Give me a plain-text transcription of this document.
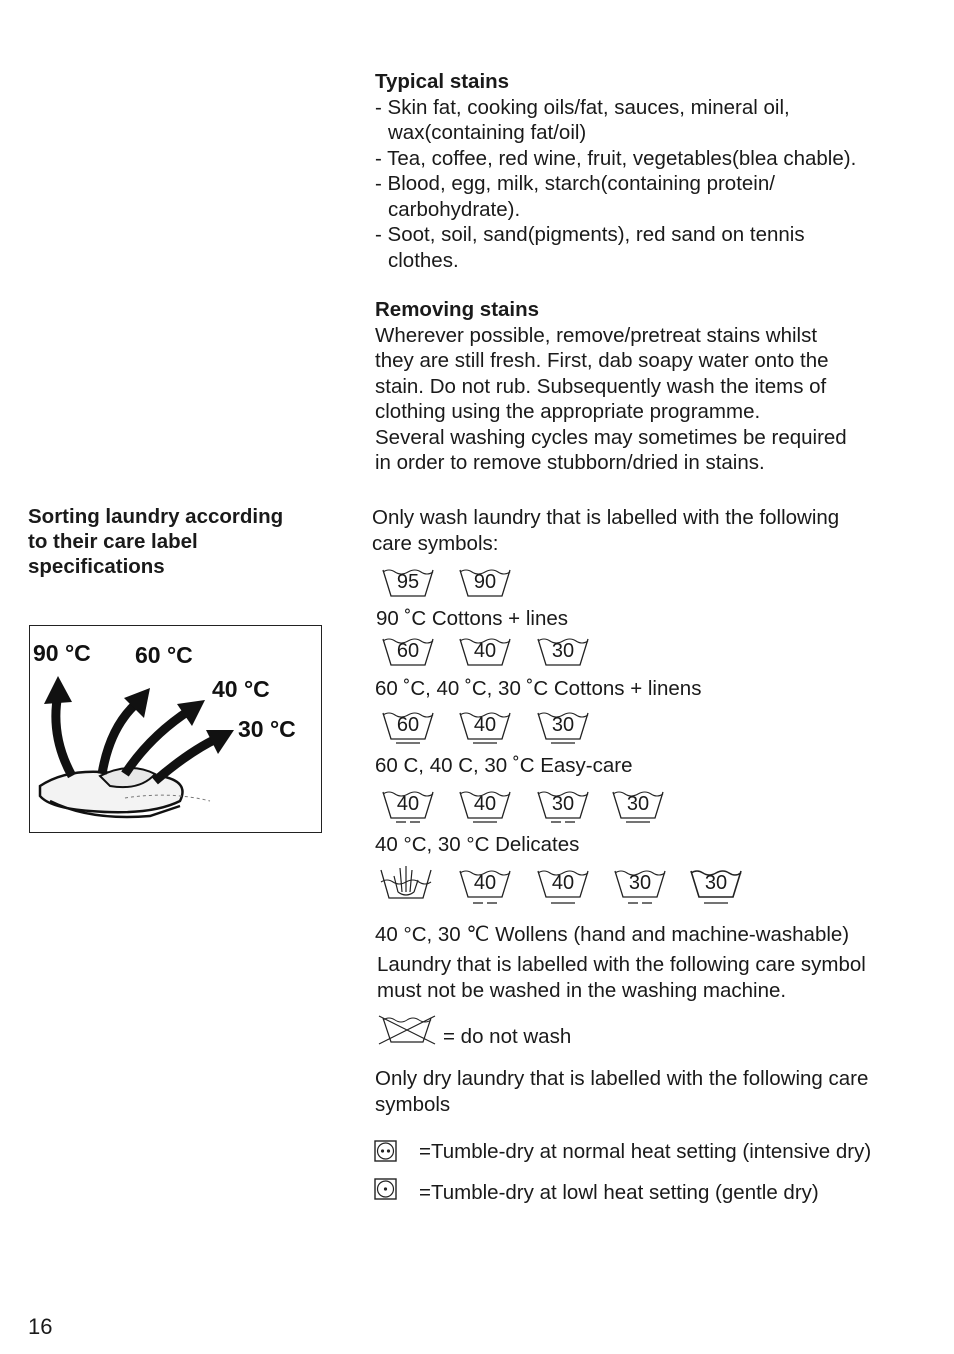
Typical stains
- Skin fat, cooking oils/fat, sauces, mineral oil,
wax(containing fat/oil)
- Tea, coffee, red wine, fruit, vegetables(blea chable).
- Blood, egg, milk, starch(containing protein/
carbohydrate).
- Soot, soil, sand(pigments), red sand on tennis
clothes.
Removing stains
Wherever possible, remove/pretreat stains whilst
they are still fresh. First, dab soapy water onto the
stain. Do not rub. Subsequently wash the items of
clothing using the appropriate programme.
Several washing cycles may sometimes be required
in order to remove stubborn/dried in stains.
Sorting laundry according
to their care label
specifications
90 °C 60 °C
40 °C
30 °C
Only wash laundry that is labelled with the following
care symbols:
95	90
90 ˚C Cottons + lines
60	40	30
60 ˚C, 40 ˚C, 30 ˚C Cottons + linens
60	40	30
60 C, 40 C, 30 ˚C Easy-care
40	40	30	30
40 °C, 30 °C Delicates
40	40	30	30
40 °C, 30 ℃ Wollens (hand and machine-washable)
Laundry that is labelled with the following care symbol
must not be washed in the washing machine.
= do not wash
Only dry laundry that is labelled with the following care
symbols
=Tumble-dry at normal heat setting (intensive dry)
=Tumble-dry at lowl heat setting (gentle dry)
16
